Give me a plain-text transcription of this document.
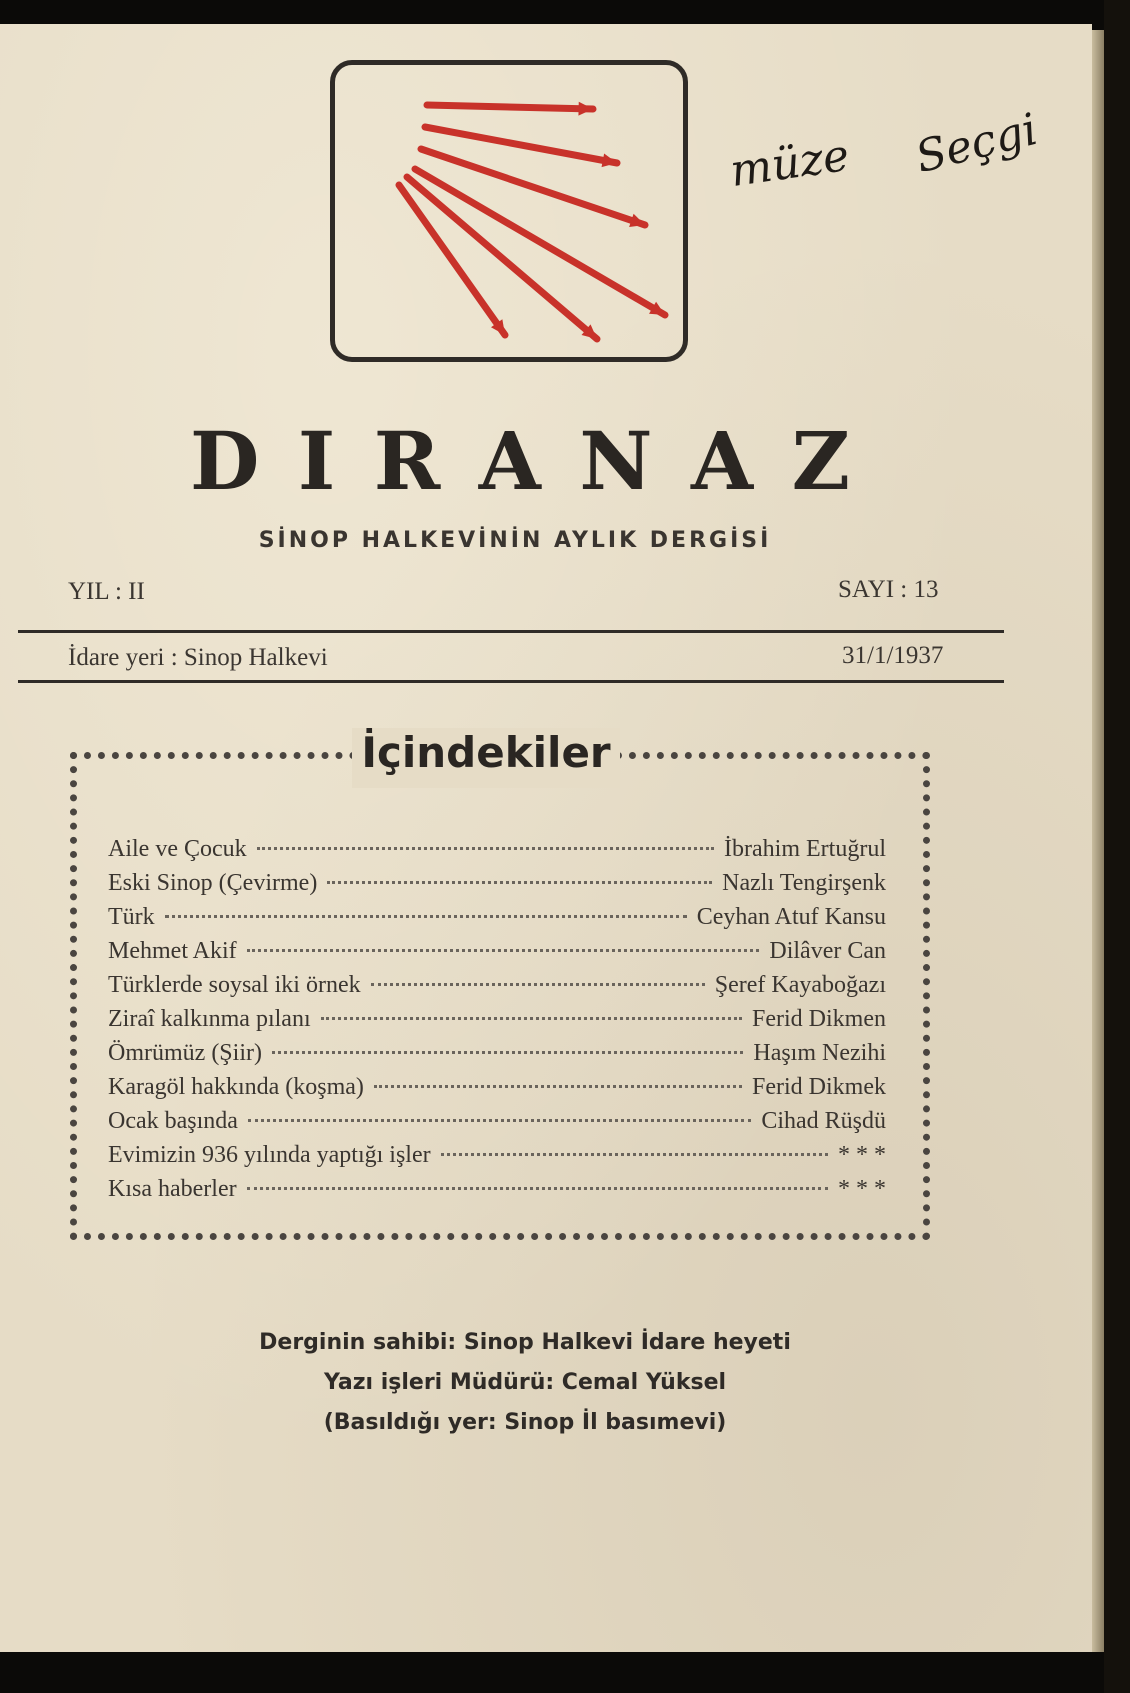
müze Seçgi
D I R A N A Z
SİNOP HALKEVİNİN AYLIK DERGİSİ
YIL : II	SAYI : 13
İdare yeri : Sinop Halkevi	31/1/1937
İçindekiler
Aile ve Çocuk	İbrahim Ertuğrul
Eski Sinop (Çevirme)	Nazlı Tengirşenk
Türk	Ceyhan Atuf Kansu
Mehmet Akif	Dilâver Can
Türklerde soysal iki örnek	Şeref Kayaboğazı
Ziraî kalkınma pılanı	Ferid Dikmen
Ömrümüz (Şiir)	Haşım Nezihi
Karagöl hakkında (koşma)	Ferid Dikmek
Ocak başında	Cihad Rüşdü
Evimizin 936 yılında yaptığı işler	* * *
Kısa haberler	* * *
Derginin sahibi: Sinop Halkevi İdare heyeti
Yazı işleri Müdürü: Cemal Yüksel
(Basıldığı yer: Sinop İl basımevi)
